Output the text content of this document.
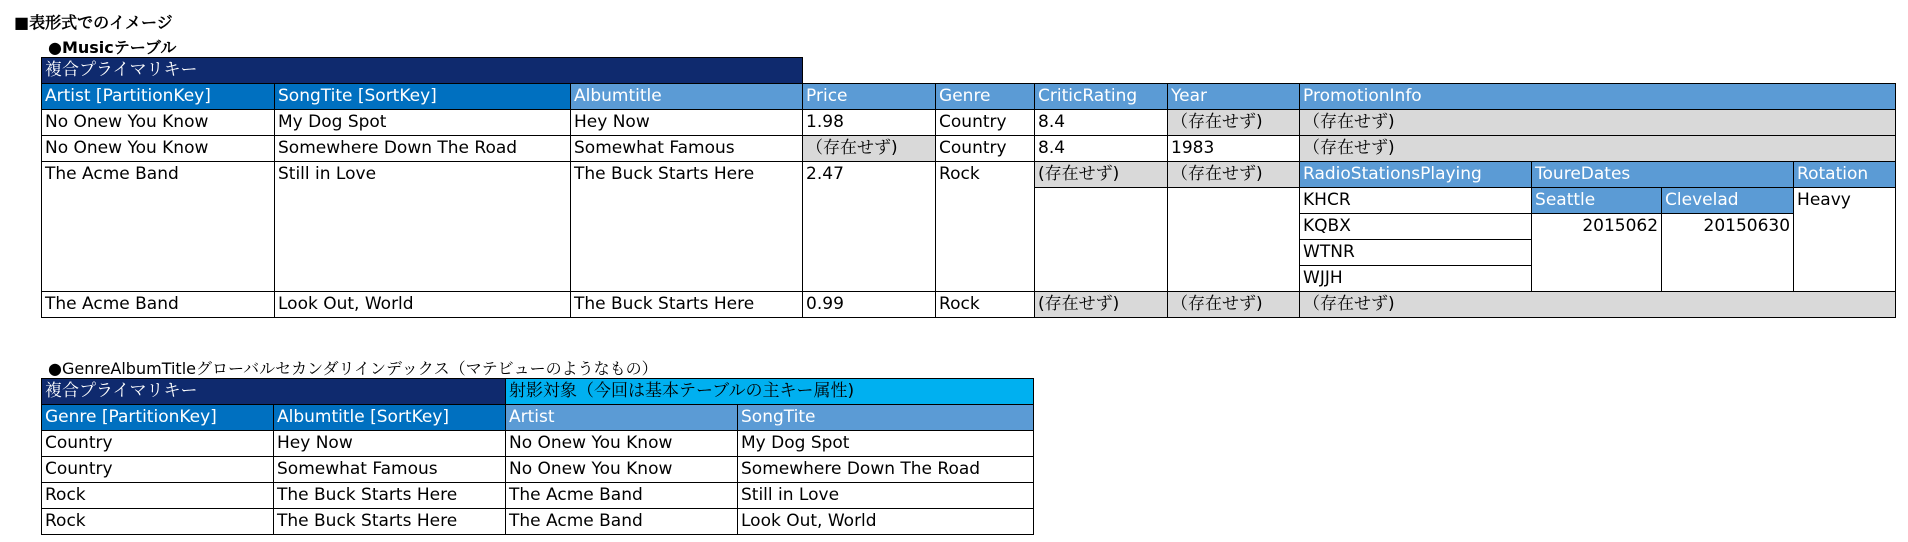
■表形式でのイメージ
●Musicテーブル
複合プライマリキー										
Artist [PartitionKey]	SongTite [SortKey]	Albumtitle	Price	Genre	CriticRating	Year	PromotionInfo			
No Onew You Know	My Dog Spot	Hey Now	1.98	Country	8.4	（存在せず)	（存在せず)			
No Onew You Know	Somewhere Down The Road	Somewhat Famous	（存在せず)	Country	8.4	1983	（存在せず)			
The Acme Band	Still in Love	The Buck Starts Here	2.47	Rock	(存在せず)	（存在せず)	RadioStationsPlaying	ToureDates		Rotation
							KHCR	Seattle	Clevelad	Heavy
							KQBX	2015062	20150630	
							WTNR			
							WJJH			
The Acme Band	Look Out, World	The Buck Starts Here	0.99	Rock	(存在せず)	（存在せず)	（存在せず)			
●GenreAlbumTitleグローバルセカンダリインデックス（マテビューのようなもの）
複合プライマリキー		射影対象（今回は基本テーブルの主キー属性)	
Genre [PartitionKey]	Albumtitle [SortKey]	Artist	SongTite
Country	Hey Now	No Onew You Know	My Dog Spot
Country	Somewhat Famous	No Onew You Know	Somewhere Down The Road
Rock	The Buck Starts Here	The Acme Band	Still in Love
Rock	The Buck Starts Here	The Acme Band	Look Out, World
